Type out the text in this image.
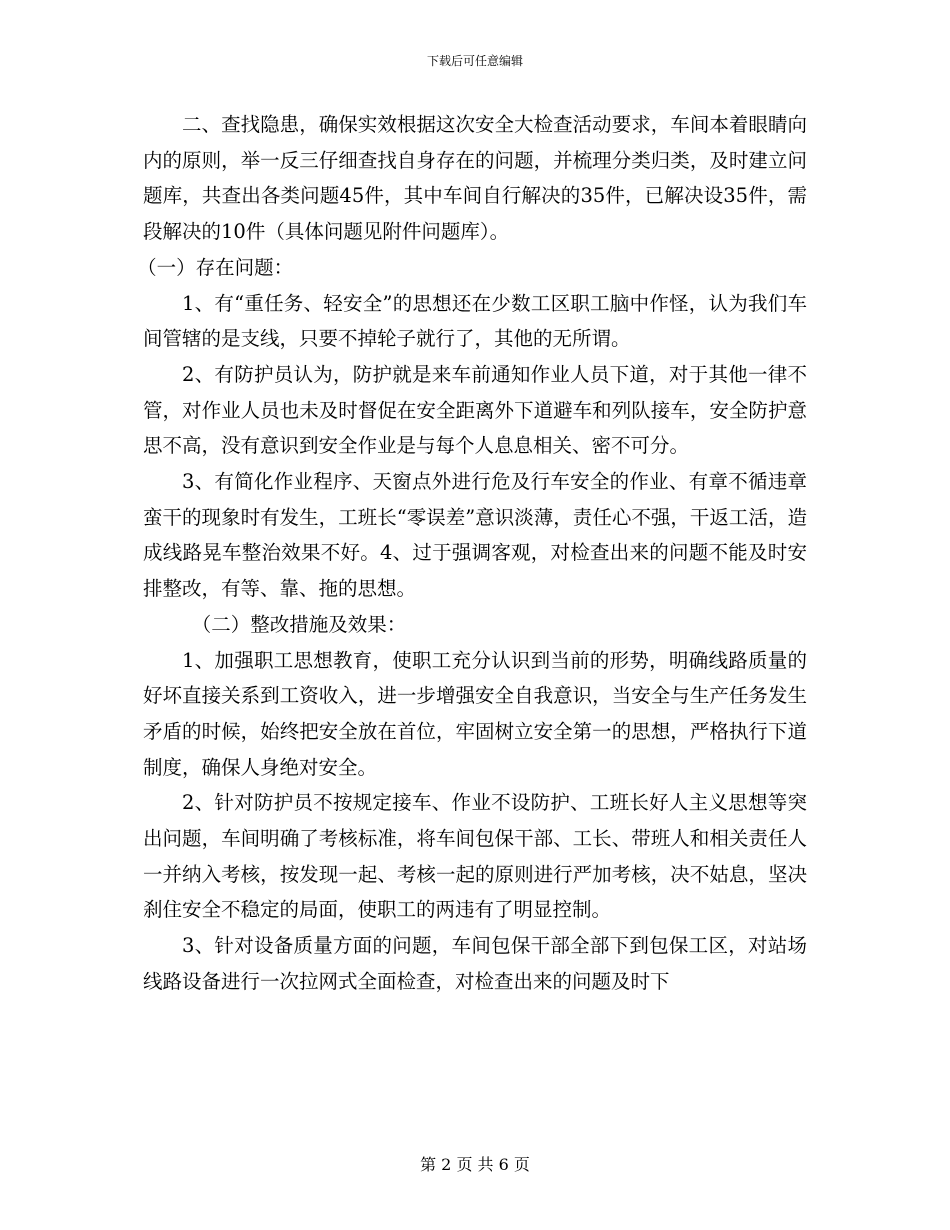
下载后可任意编辑

二、查找隐患，确保实效根据这次安全大检查活动要求，车间本着眼睛向内的原则，举一反三仔细查找自身存在的问题，并梳理分类归类，及时建立问题库，共查出各类问题45件，其中车间自行解决的35件，已解决设35件，需段解决的10件（具体问题见附件问题库）。

（一）存在问题：

1、有“重任务、轻安全”的思想还在少数工区职工脑中作怪，认为我们车间管辖的是支线，只要不掉轮子就行了，其他的无所谓。

2、有防护员认为，防护就是来车前通知作业人员下道，对于其他一律不管，对作业人员也未及时督促在安全距离外下道避车和列队接车，安全防护意思不高，没有意识到安全作业是与每个人息息相关、密不可分。

3、有简化作业程序、天窗点外进行危及行车安全的作业、有章不循违章蛮干的现象时有发生，工班长“零误差”意识淡薄，责任心不强，干返工活，造成线路晃车整治效果不好。4、过于强调客观，对检查出来的问题不能及时安排整改，有等、靠、拖的思想。

（二）整改措施及效果：

1、加强职工思想教育，使职工充分认识到当前的形势，明确线路质量的好坏直接关系到工资收入，进一步增强安全自我意识，当安全与生产任务发生矛盾的时候，始终把安全放在首位，牢固树立安全第一的思想，严格执行下道制度，确保人身绝对安全。

2、针对防护员不按规定接车、作业不设防护、工班长好人主义思想等突出问题，车间明确了考核标准，将车间包保干部、工长、带班人和相关责任人一并纳入考核，按发现一起、考核一起的原则进行严加考核，决不姑息，坚决刹住安全不稳定的局面，使职工的两违有了明显控制。

3、针对设备质量方面的问题，车间包保干部全部下到包保工区，对站场线路设备进行一次拉网式全面检查，对检查出来的问题及时下

第 2 页 共 6 页
